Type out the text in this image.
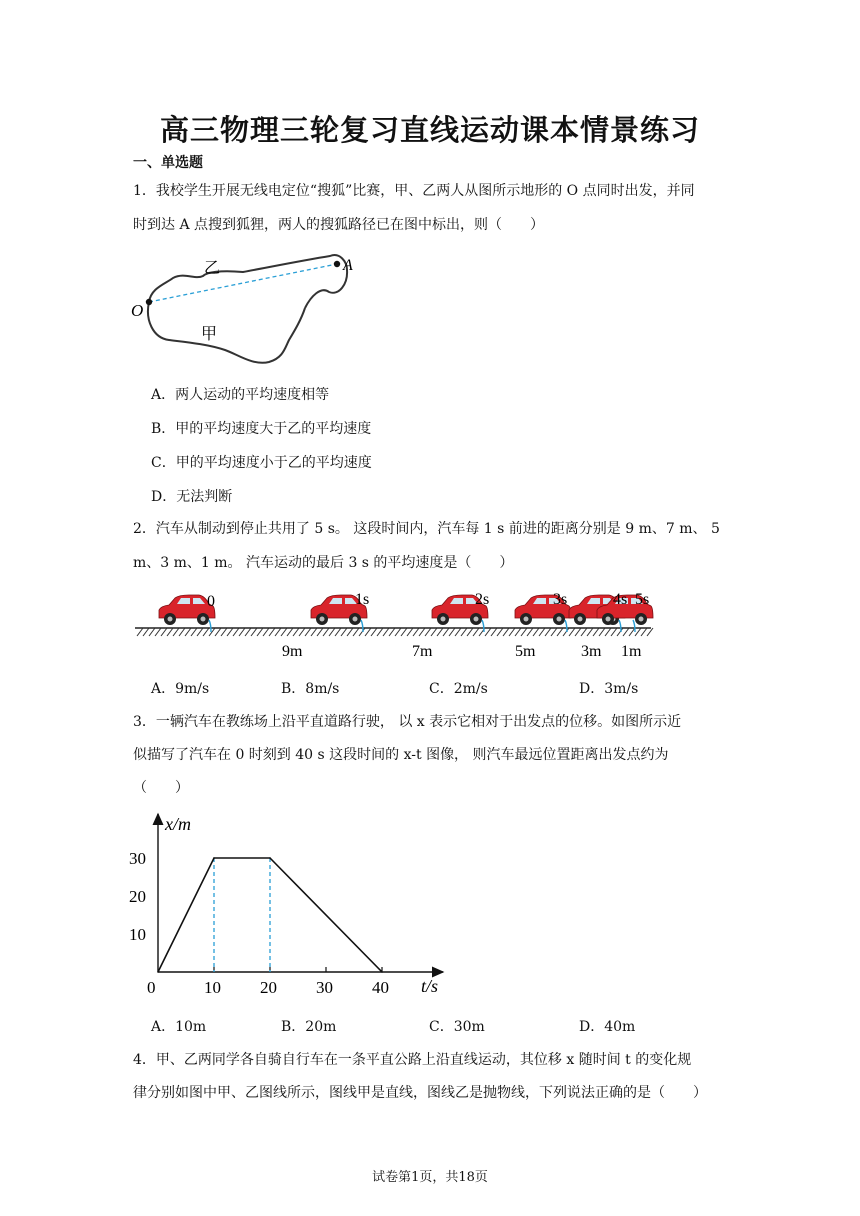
高三物理三轮复习直线运动课本情景练习
一、单选题
1．我校学生开展无线电定位“搜狐”比赛，甲、乙两人从图所示地形的 O 点同时出发，并同
时到达 A 点搜到狐狸，两人的搜狐路径已在图中标出，则（　　）
乙
甲
O
A
A．两人运动的平均速度相等
B．甲的平均速度大于乙的平均速度
C．甲的平均速度小于乙的平均速度
D．无法判断
2．汽车从制动到停止共用了 5 s。 这段时间内，汽车每 1 s 前进的距离分别是 9 m、7 m、 5
m、3 m、1 m。 汽车运动的最后 3 s 的平均速度是（　　）
0	1s	2s	3s	4s 5s
9m	7m	5m	3m 1m
A．9m/s	B．8m/s	C．2m/s	D．3m/s
3．一辆汽车在教练场上沿平直道路行驶， 以 x 表示它相对于出发点的位移。如图所示近
似描写了汽车在 0 时刻到 40 s 这段时间的 x-t 图像， 则汽车最远位置距离出发点约为
（　　）
x/m
t/s
10
20
30
0	10 20 30 40
A．10m	B．20m	C．30m	D．40m
4．甲、乙两同学各自骑自行车在一条平直公路上沿直线运动，其位移 x 随时间 t 的变化规
律分别如图中甲、乙图线所示，图线甲是直线，图线乙是抛物线，下列说法正确的是（　　）
试卷第1页，共18页
